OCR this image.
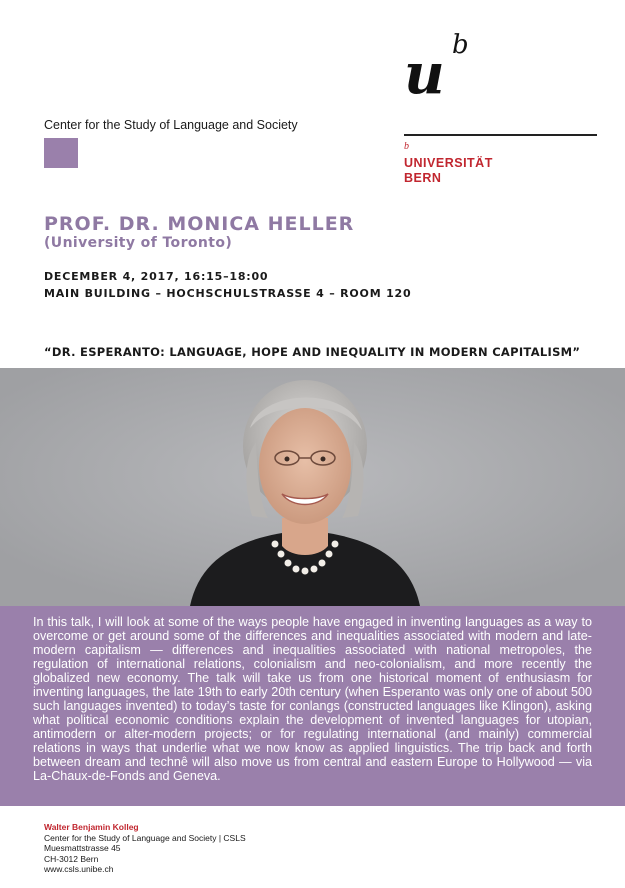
Center for the Study of Language and Society
u b
b
UNIVERSITÄT
BERN
PROF. DR. MONICA HELLER
(University of Toronto)
DECEMBER 4, 2017, 16:15–18:00
MAIN BUILDING – HOCHSCHULSTRASSE 4 – ROOM 120
“DR. ESPERANTO: LANGUAGE, HOPE AND INEQUALITY IN MODERN CAPITALISM”

In this talk, I will look at some of the ways people have engaged in inventing languages as a way to overcome or get around some of the differences and inequalities associated with modern and late-modern capitalism — differences and inequalities associated with national metropoles, the regulation of international relations, colonialism and neo-colonialism, and more recently the globalized new economy. The talk will take us from one historical moment of enthusiasm for inventing languages, the late 19th to early 20th century (when Esperanto was only one of about 500 such languages invented) to today’s taste for conlangs (constructed languages like Klingon), asking what political economic conditions explain the development of invented languages for utopian, antimodern or alter-modern projects; or for regulating international (and mainly) commercial relations in ways that underlie what we now know as applied linguistics. The trip back and forth between dream and technê will also move us from central and eastern Europe to Hollywood — via La-Chaux-de-Fonds and Geneva.

Walter Benjamin Kolleg
Center for the Study of Language and Society | CSLS
Muesmattstrasse 45
CH-3012 Bern
www.csls.unibe.ch
